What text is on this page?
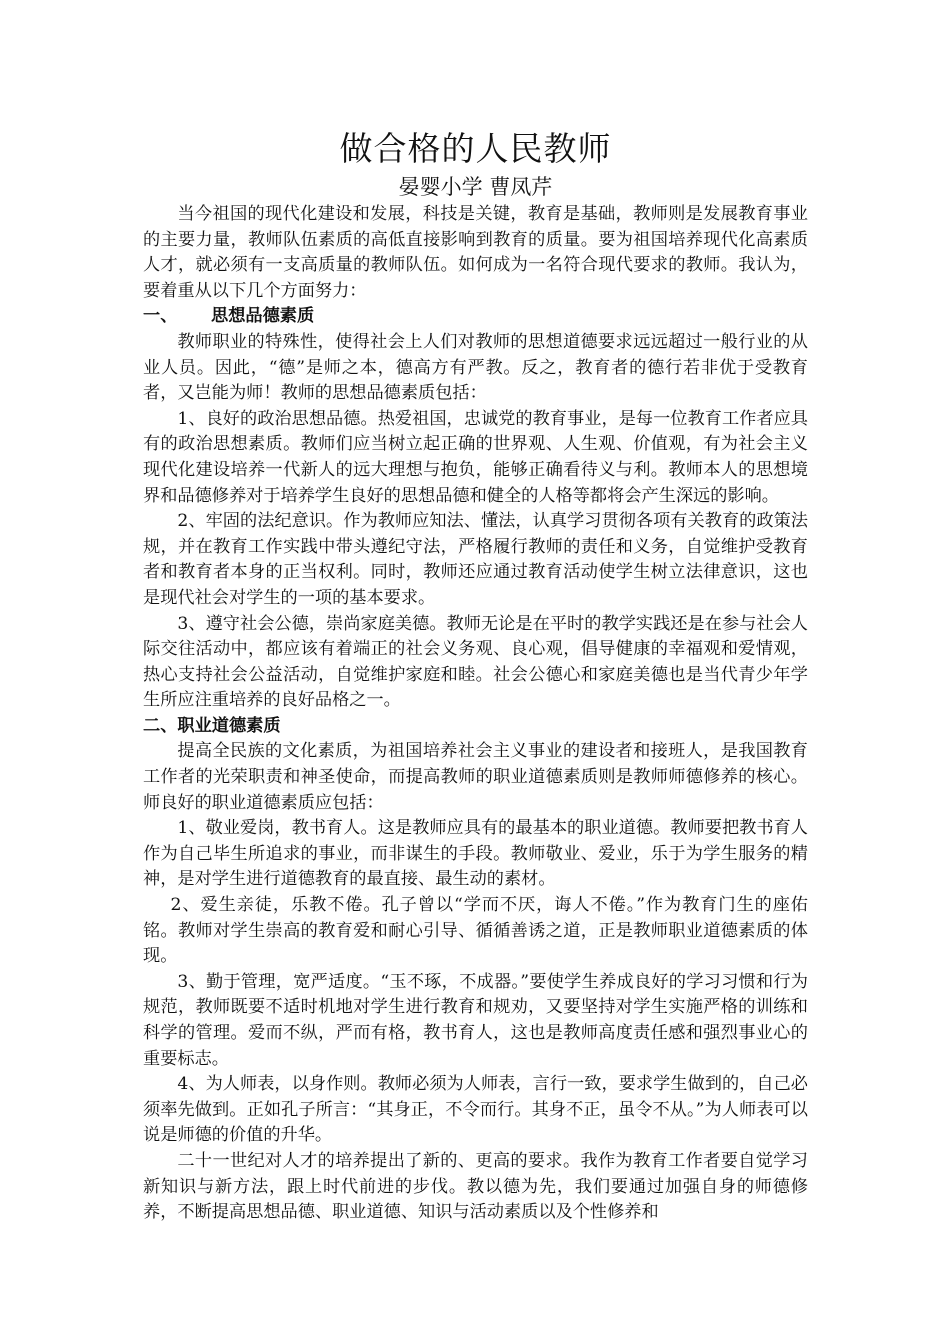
做合格的人民教师

晏婴小学 曹凤芹

当今祖国的现代化建设和发展，科技是关键，教育是基础，教师则是发展教育事业的主要力量，教师队伍素质的高低直接影响到教育的质量。要为祖国培养现代化高素质人才，就必须有一支高质量的教师队伍。如何成为一名符合现代要求的教师。我认为，要着重从以下几个方面努力：

一、 思想品德素质

教师职业的特殊性，使得社会上人们对教师的思想道德要求远远超过一般行业的从业人员。因此，“德”是师之本，德高方有严教。反之，教育者的德行若非优于受教育者，又岂能为师！教师的思想品德素质包括：

1、良好的政治思想品德。热爱祖国，忠诚党的教育事业，是每一位教育工作者应具有的政治思想素质。教师们应当树立起正确的世界观、人生观、价值观，有为社会主义现代化建设培养一代新人的远大理想与抱负，能够正确看待义与利。教师本人的思想境界和品德修养对于培养学生良好的思想品德和健全的人格等都将会产生深远的影响。

2、牢固的法纪意识。作为教师应知法、懂法，认真学习贯彻各项有关教育的政策法规，并在教育工作实践中带头遵纪守法，严格履行教师的责任和义务，自觉维护受教育者和教育者本身的正当权利。同时，教师还应通过教育活动使学生树立法律意识，这也是现代社会对学生的一项的基本要求。

3、遵守社会公德，崇尚家庭美德。教师无论是在平时的教学实践还是在参与社会人际交往活动中，都应该有着端正的社会义务观、良心观，倡导健康的幸福观和爱情观，热心支持社会公益活动，自觉维护家庭和睦。社会公德心和家庭美德也是当代青少年学生所应注重培养的良好品格之一。

二、职业道德素质

提高全民族的文化素质，为祖国培养社会主义事业的建设者和接班人，是我国教育工作者的光荣职责和神圣使命，而提高教师的职业道德素质则是教师师德修养的核心。师良好的职业道德素质应包括：

1、敬业爱岗，教书育人。这是教师应具有的最基本的职业道德。教师要把教书育人作为自己毕生所追求的事业，而非谋生的手段。教师敬业、爱业，乐于为学生服务的精神，是对学生进行道德教育的最直接、最生动的素材。

2、爱生亲徒，乐教不倦。孔子曾以“学而不厌，诲人不倦。”作为教育门生的座佑铭。教师对学生崇高的教育爱和耐心引导、循循善诱之道，正是教师职业道德素质的体现。

3、勤于管理，宽严适度。“玉不琢，不成器。”要使学生养成良好的学习习惯和行为规范，教师既要不适时机地对学生进行教育和规劝，又要坚持对学生实施严格的训练和科学的管理。爱而不纵，严而有格，教书育人，这也是教师高度责任感和强烈事业心的重要标志。

4、为人师表，以身作则。教师必须为人师表，言行一致，要求学生做到的，自己必须率先做到。正如孔子所言：“其身正，不令而行。其身不正，虽令不从。”为人师表可以说是师德的价值的升华。

二十一世纪对人才的培养提出了新的、更高的要求。我作为教育工作者要自觉学习新知识与新方法，跟上时代前进的步伐。教以德为先，我们要通过加强自身的师德修养，不断提高思想品德、职业道德、知识与活动素质以及个性修养和
